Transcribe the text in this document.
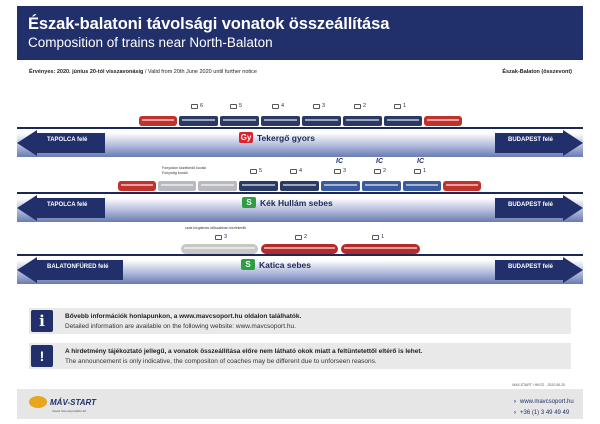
Észak-balatoni távolsági vonatok összeállítása
Composition of trains near North-Balaton
Érvényes: 2020. június 20-tól visszavonásig / Valid from 20th June 2020 until further notice	Észak-Balaton (összevont)
6	5	4	3	2	1
TAPOLCA felé	BUDAPEST felé
Gy Tekergő gyors
Fonyódon közlekedő kocsik
Fonyódig kocsik
IC	IC	IC
5	4	3	2	1
TAPOLCA felé	BUDAPEST felé
S Kék Hullám sebes
csak forgalmas időszakban közlekedik
3	2	1
BALATONFÜRED felé	BUDAPEST felé
S Katica sebes
i	Bővebb információk honlapunkon, a www.mavcsoport.hu oldalon találhatók.
Detailed information are available on the following website: www.mavcsoport.hu.
!	A hirdetmény tájékoztató jellegű, a vonatok összeállítása előre nem látható okok miatt a feltüntetettől eltérő is lehet.
The announcement is only indicative, the compositon of coaches may be different due to unforseen reasons.
MAV-START / HK/22 - 2020.06.20
MÁV-START
Vasúti Személyszállító Zrt.
› www.mavcsoport.hu
› +36 (1) 3 49 49 49
